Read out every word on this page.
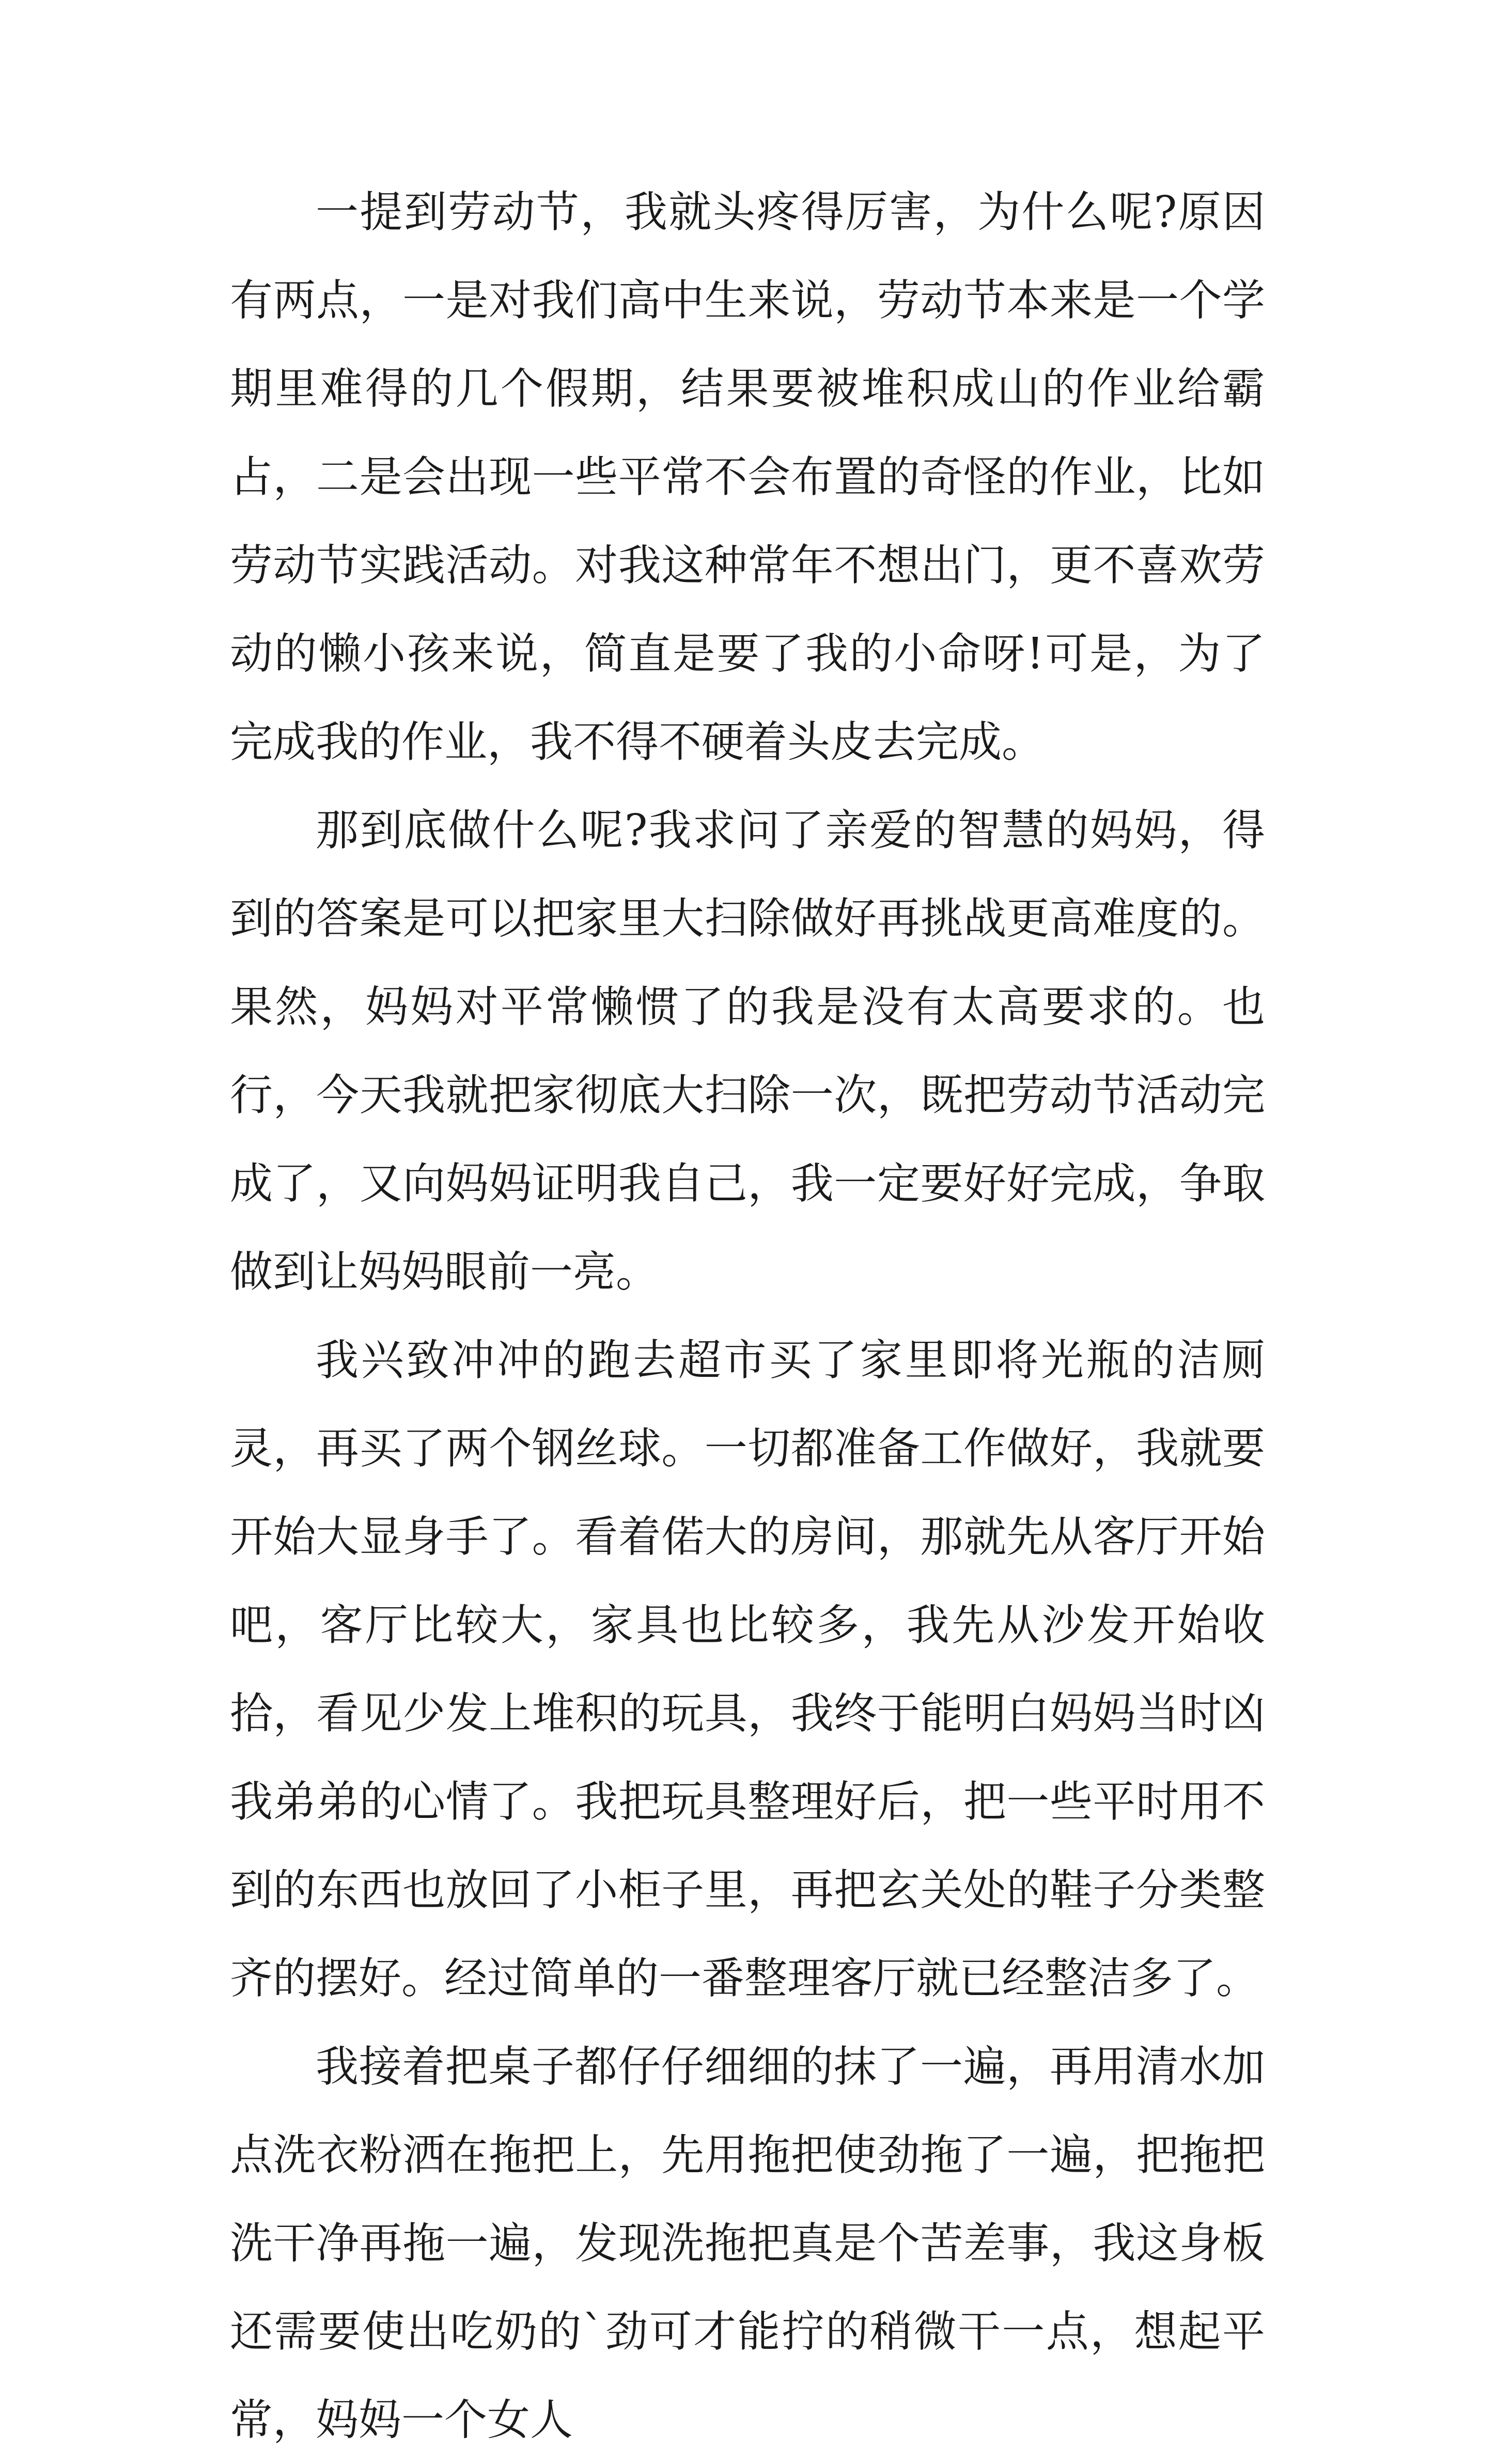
一提到劳动节，我就头疼得厉害，为什么呢?原因有两点，一是对我们高中生来说，劳动节本来是一个学期里难得的几个假期，结果要被堆积成山的作业给霸占，二是会出现一些平常不会布置的奇怪的作业，比如劳动节实践活动。对我这种常年不想出门，更不喜欢劳动的懒小孩来说，简直是要了我的小命呀!可是，为了完成我的作业，我不得不硬着头皮去完成。

那到底做什么呢?我求问了亲爱的智慧的妈妈，得到的答案是可以把家里大扫除做好再挑战更高难度的。果然，妈妈对平常懒惯了的我是没有太高要求的。也行，今天我就把家彻底大扫除一次，既把劳动节活动完成了，又向妈妈证明我自己，我一定要好好完成，争取做到让妈妈眼前一亮。

我兴致冲冲的跑去超市买了家里即将光瓶的洁厕灵，再买了两个钢丝球。一切都准备工作做好，我就要开始大显身手了。看着偌大的房间，那就先从客厅开始吧，客厅比较大，家具也比较多，我先从沙发开始收拾，看见少发上堆积的玩具，我终于能明白妈妈当时凶我弟弟的心情了。我把玩具整理好后，把一些平时用不到的东西也放回了小柜子里，再把玄关处的鞋子分类整齐的摆好。经过简单的一番整理客厅就已经整洁多了。

我接着把桌子都仔仔细细的抹了一遍，再用清水加点洗衣粉洒在拖把上，先用拖把使劲拖了一遍，把拖把洗干净再拖一遍，发现洗拖把真是个苦差事，我这身板还需要使出吃奶的`劲可才能拧的稍微干一点，想起平常，妈妈一个女人
